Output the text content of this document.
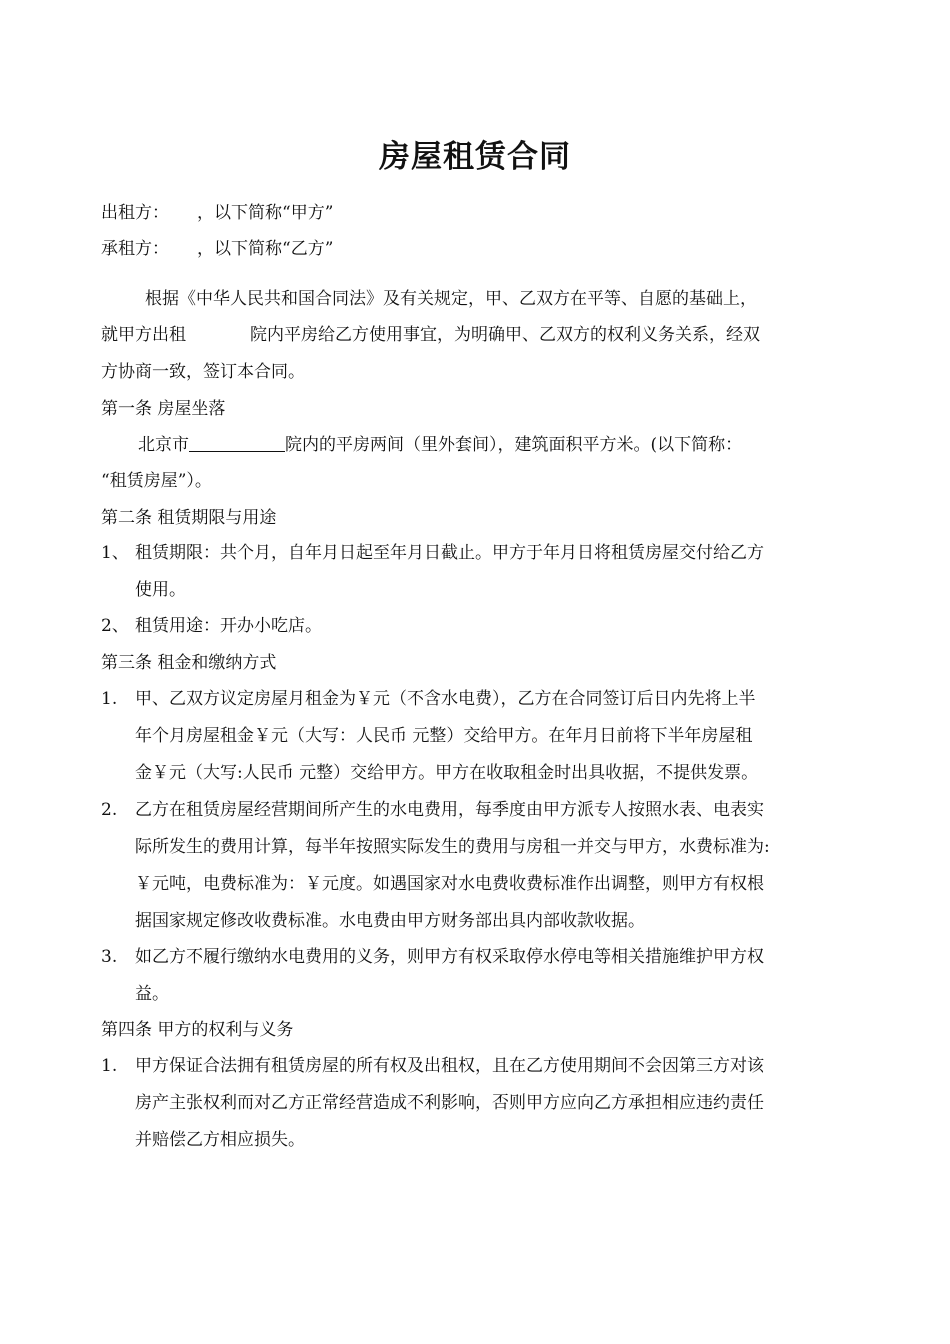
房屋租赁合同
出租方： ，以下简称“甲方”
承租方： ，以下简称“乙方”
根据《中华人民共和国合同法》及有关规定，甲、乙双方在平等、自愿的基础上，
就甲方出租	院内平房给乙方使用事宜，为明确甲、乙双方的权利义务关系，经双
方协商一致，签订本合同。
第一条 房屋坐落
北京市	院内的平房两间（里外套间），建筑面积平方米。(以下简称：
“租赁房屋”）。
第二条 租赁期限与用途
1、 租赁期限：共个月，自年月日起至年月日截止。甲方于年月日将租赁房屋交付给乙方
使用。
2、 租赁用途：开办小吃店。
第三条 租金和缴纳方式
1. 甲、乙双方议定房屋月租金为￥元（不含水电费），乙方在合同签订后日内先将上半
年个月房屋租金￥元（大写：人民币 元整）交给甲方。在年月日前将下半年房屋租
金￥元（大写:人民币 元整）交给甲方。甲方在收取租金时出具收据，不提供发票。
2. 乙方在租赁房屋经营期间所产生的水电费用，每季度由甲方派专人按照水表、电表实
际所发生的费用计算，每半年按照实际发生的费用与房租一并交与甲方，水费标准为:
￥元吨，电费标准为：￥元度。如遇国家对水电费收费标准作出调整，则甲方有权根
据国家规定修改收费标准。水电费由甲方财务部出具内部收款收据。
3. 如乙方不履行缴纳水电费用的义务，则甲方有权采取停水停电等相关措施维护甲方权
益。
第四条 甲方的权利与义务
1. 甲方保证合法拥有租赁房屋的所有权及出租权，且在乙方使用期间不会因第三方对该
房产主张权利而对乙方正常经营造成不利影响，否则甲方应向乙方承担相应违约责任
并赔偿乙方相应损失。
